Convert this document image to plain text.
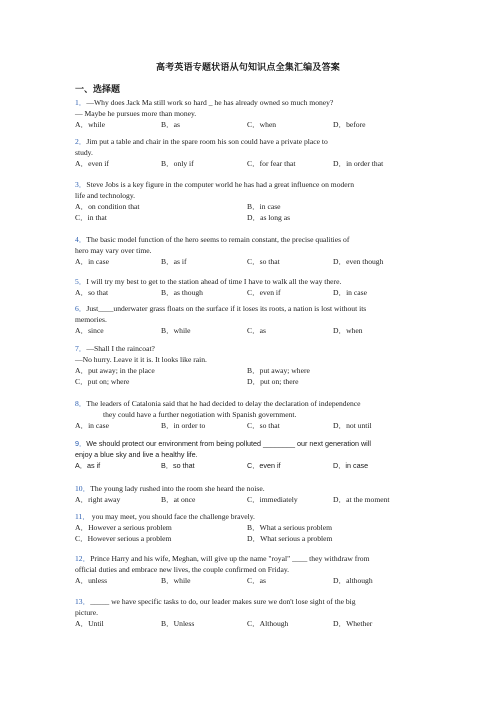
高考英语专题状语从句知识点全集汇编及答案
一、选择题
1．—Why does Jack Ma still work so hard _ he has already owned so much money?
— Maybe he pursues more than money.
A．while	B．as	C．when	D．before
2．Jim put a table and chair in the spare room his son could have a private place to
study.
A．even if	B．only if	C．for fear that	D．in order that
3．Steve Jobs is a key figure in the computer world he has had a great influence on modern
life and technology.
A．on condition that	B．in case
C．in that	D．as long as
4．The basic model function of the hero seems to remain constant, the precise qualities of
hero may vary over time.
A．in case	B．as if	C．so that	D．even though
5．I will try my best to get to the station ahead of time I have to walk all the way there.
A．so that	B．as though	C．even if	D．in case
6．Just____underwater grass floats on the surface if it loses its roots, a nation is lost without its
memories.
A．since	B．while	C．as	D．when
7．—Shall I the raincoat?
—No hurry. Leave it it is. It looks like rain.
A．put away; in the place	B．put away; where
C．put on; where	D．put on; there
8．The leaders of Catalonia said that he had decided to delay the declaration of independence
they could have a further negotiation with Spanish government.
A．in case	B．in order to	C．so that	D．not until
9．We should protect our environment from being polluted ________ our next generation will
enjoy a blue sky and live a healthy life.
A．as if	B．so that	C．even if	D．in case
10．The young lady rushed into the room she heard the noise.
A．right away	B．at once	C．immediately	D．at the moment
11． you may meet, you should face the challenge bravely.
A．However a serious problem	B．What a serious problem
C．However serious a problem	D．What serious a problem
12．Prince Harry and his wife, Meghan, will give up the name "royal" ____ they withdraw from
official duties and embrace new lives, the couple confirmed on Friday.
A．unless	B．while	C．as	D．although
13．_____ we have specific tasks to do, our leader makes sure we don't lose sight of the big
picture.
A．Until	B．Unless	C．Although	D．Whether
